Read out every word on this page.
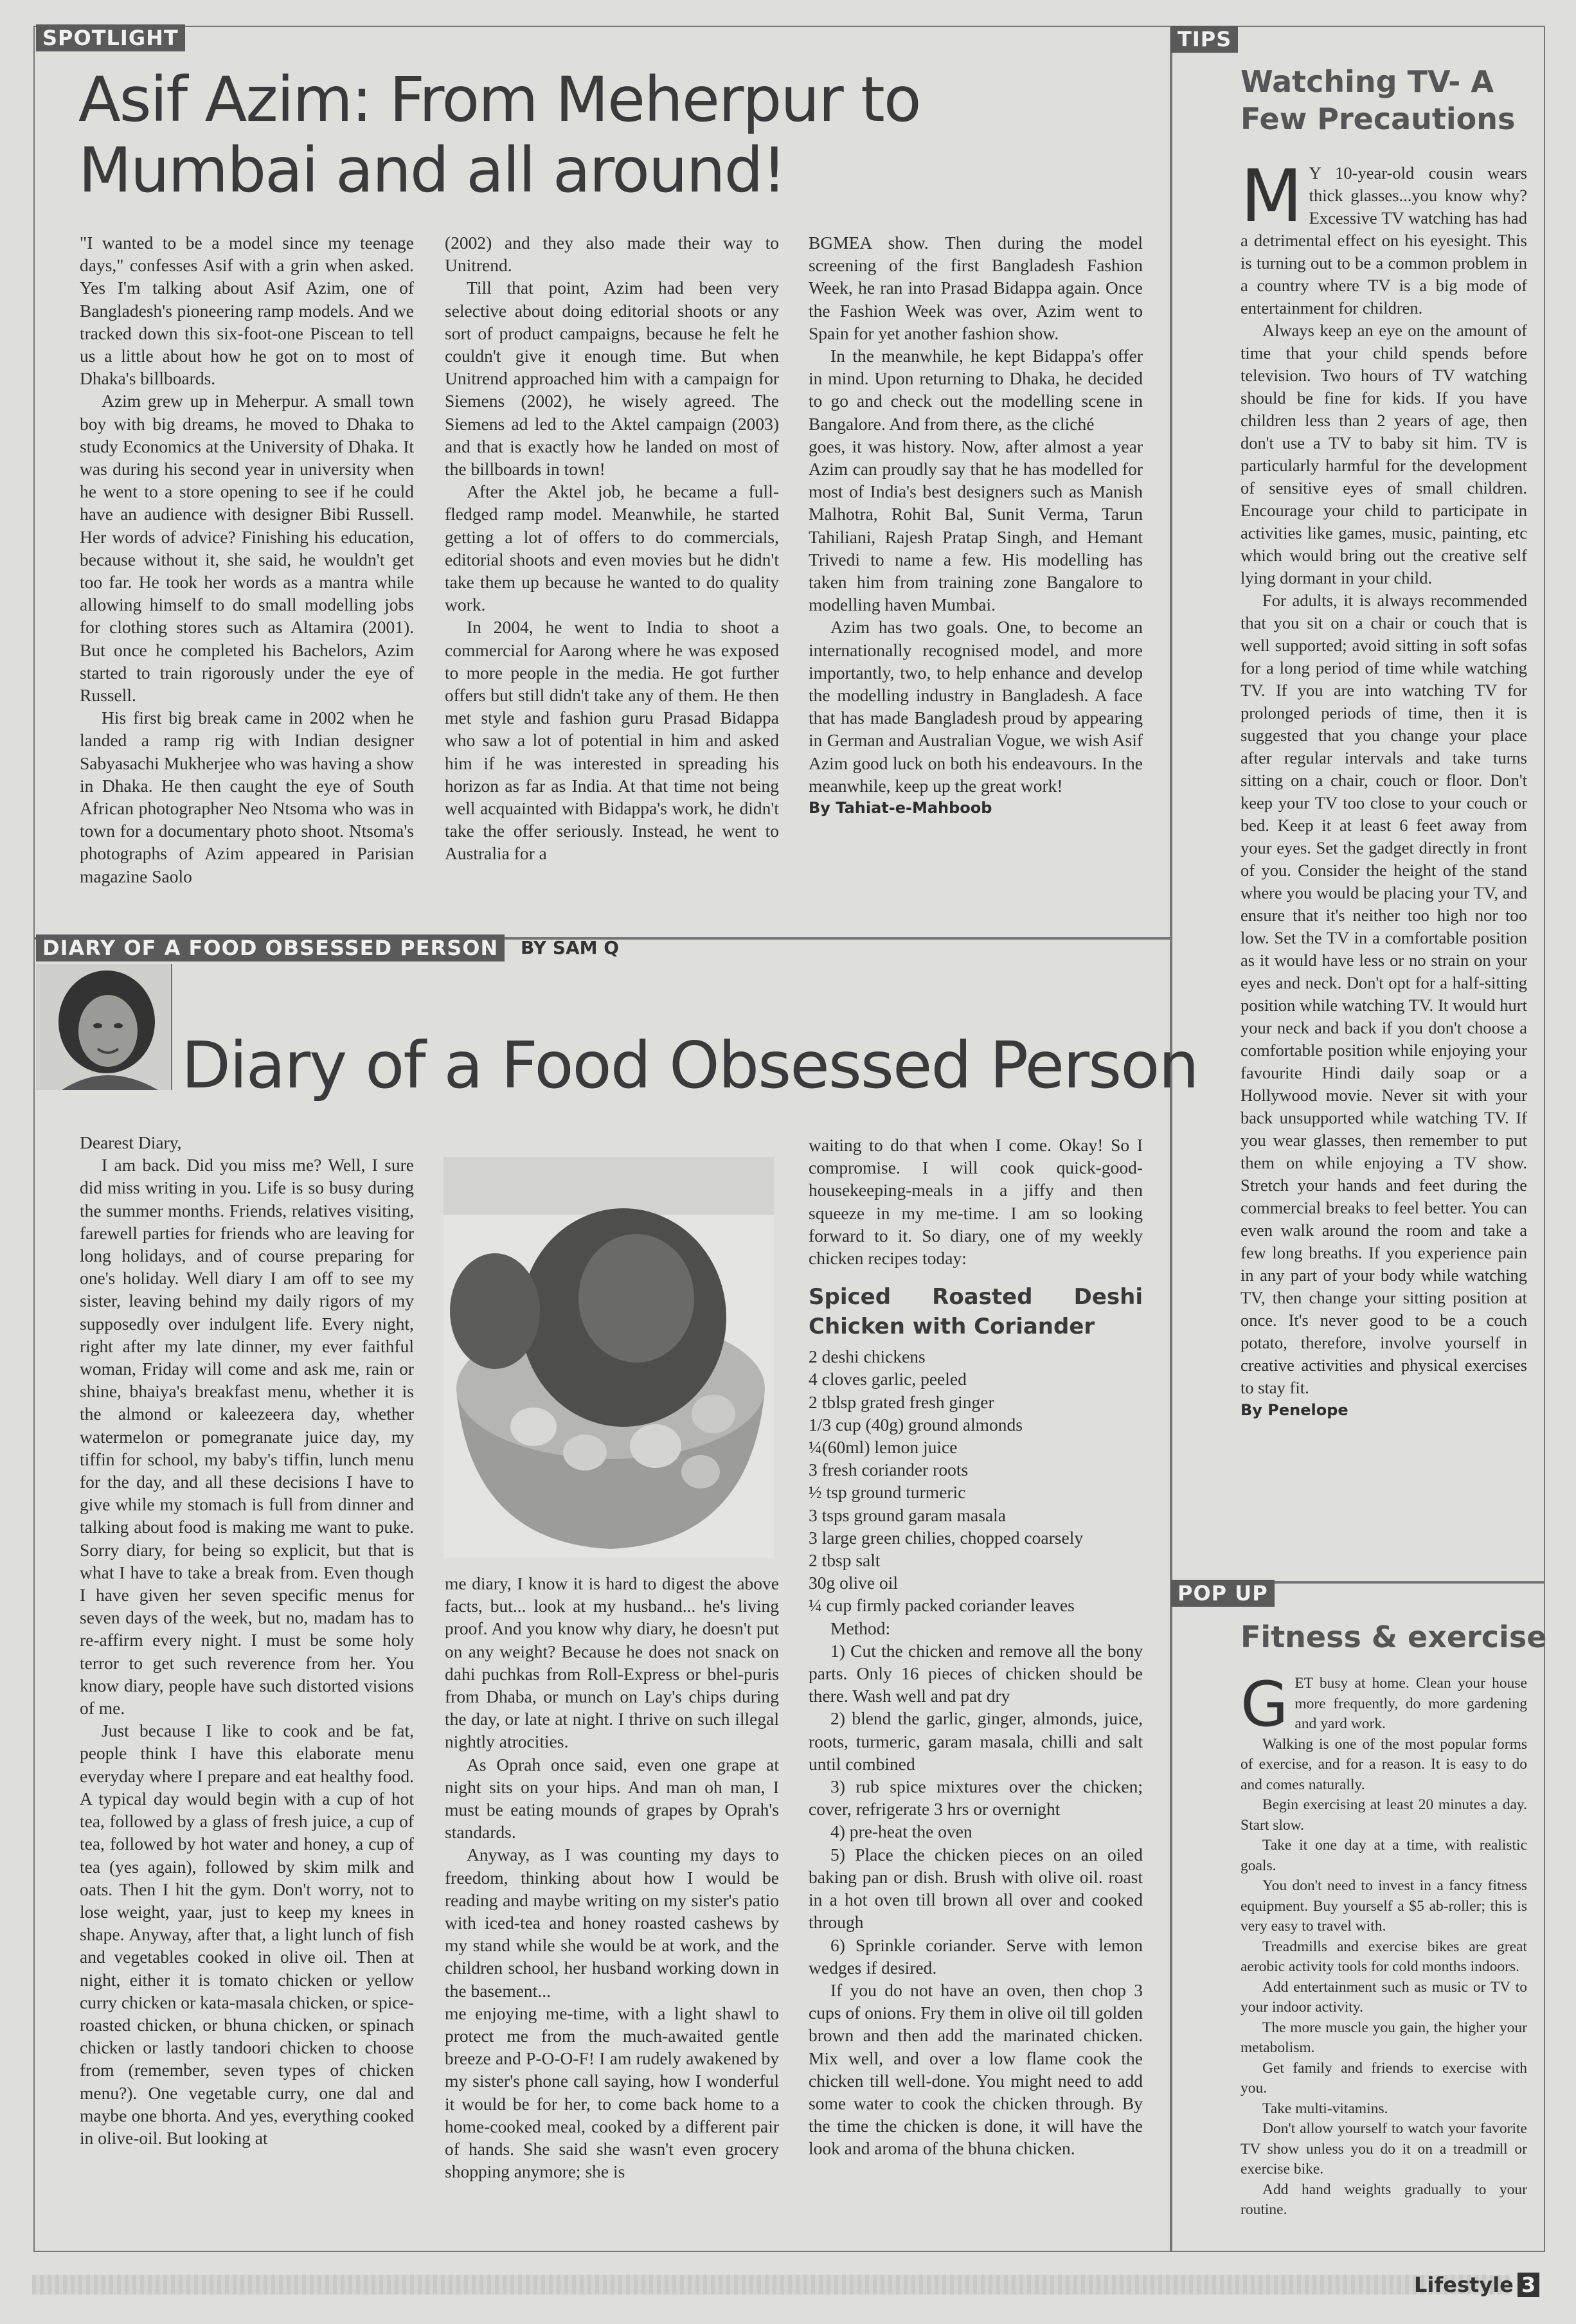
SPOTLIGHT
Asif Azim: From Meherpur to
Mumbai and all around!

"I wanted to be a model since my teenage days," confesses Asif with a grin when asked. Yes I'm talking about Asif Azim, one of Bangladesh's pioneering ramp models. And we tracked down this six-foot-one Piscean to tell us a little about how he got on to most of Dhaka's billboards.

Azim grew up in Meherpur. A small town boy with big dreams, he moved to Dhaka to study Economics at the University of Dhaka. It was during his second year in university when he went to a store opening to see if he could have an audience with designer Bibi Russell. Her words of advice? Finishing his education, because without it, she said, he wouldn't get too far. He took her words as a mantra while allowing himself to do small modelling jobs for clothing stores such as Altamira (2001). But once he completed his Bachelors, Azim started to train rigorously under the eye of Russell.

His first big break came in 2002 when he landed a ramp rig with Indian designer Sabyasachi Mukherjee who was having a show in Dhaka. He then caught the eye of South African photographer Neo Ntsoma who was in town for a documentary photo shoot. Ntsoma's photographs of Azim appeared in Parisian magazine Saolo

(2002) and they also made their way to Unitrend.

Till that point, Azim had been very selective about doing editorial shoots or any sort of product campaigns, because he felt he couldn't give it enough time. But when Unitrend approached him with a campaign for Siemens (2002), he wisely agreed. The Siemens ad led to the Aktel campaign (2003) and that is exactly how he landed on most of the billboards in town!

After the Aktel job, he became a full-fledged ramp model. Meanwhile, he started getting a lot of offers to do commercials, editorial shoots and even movies but he didn't take them up because he wanted to do quality work.

In 2004, he went to India to shoot a commercial for Aarong where he was exposed to more people in the media. He got further offers but still didn't take any of them. He then met style and fashion guru Prasad Bidappa who saw a lot of potential in him and asked him if he was interested in spreading his horizon as far as India. At that time not being well acquainted with Bidappa's work, he didn't take the offer seriously. Instead, he went to Australia for a

BGMEA show. Then during the model screening of the first Bangladesh Fashion Week, he ran into Prasad Bidappa again. Once the Fashion Week was over, Azim went to Spain for yet another fashion show.

In the meanwhile, he kept Bidappa's offer in mind. Upon returning to Dhaka, he decided to go and check out the modelling scene in Bangalore. And from there, as the cliché

goes, it was history. Now, after almost a year Azim can proudly say that he has modelled for most of India's best designers such as Manish Malhotra, Rohit Bal, Sunit Verma, Tarun Tahiliani, Rajesh Pratap Singh, and Hemant Trivedi to name a few. His modelling has taken him from training zone Bangalore to modelling haven Mumbai.

Azim has two goals. One, to become an internationally recognised model, and more importantly, two, to help enhance and develop the modelling industry in Bangladesh. A face that has made Bangladesh proud by appearing in German and Australian Vogue, we wish Asif Azim good luck on both his endeavours. In the meanwhile, keep up the great work!

By Tahiat-e-Mahboob

DIARY OF A FOOD OBSESSED PERSON	BY SAM Q
Diary of a Food Obsessed Person

Dearest Diary,

I am back. Did you miss me? Well, I sure did miss writing in you. Life is so busy during the summer months. Friends, relatives visiting, farewell parties for friends who are leaving for long holidays, and of course preparing for one's holiday. Well diary I am off to see my sister, leaving behind my daily rigors of my supposedly over indulgent life. Every night, right after my late dinner, my ever faithful woman, Friday will come and ask me, rain or shine, bhaiya's breakfast menu, whether it is the almond or kaleezeera day, whether watermelon or pomegranate juice day, my tiffin for school, my baby's tiffin, lunch menu for the day, and all these decisions I have to give while my stomach is full from dinner and talking about food is making me want to puke. Sorry diary, for being so explicit, but that is what I have to take a break from. Even though I have given her seven specific menus for seven days of the week, but no, madam has to re-affirm every night. I must be some holy terror to get such reverence from her. You know diary, people have such distorted visions of me.

Just because I like to cook and be fat, people think I have this elaborate menu everyday where I prepare and eat healthy food. A typical day would begin with a cup of hot tea, followed by a glass of fresh juice, a cup of tea, followed by hot water and honey, a cup of tea (yes again), followed by skim milk and oats. Then I hit the gym. Don't worry, not to lose weight, yaar, just to keep my knees in shape. Anyway, after that, a light lunch of fish and vegetables cooked in olive oil. Then at night, either it is tomato chicken or yellow curry chicken or kata-masala chicken, or spice-roasted chicken, or bhuna chicken, or spinach chicken or lastly tandoori chicken to choose from (remember, seven types of chicken menu?). One vegetable curry, one dal and maybe one bhorta. And yes, everything cooked in olive-oil. But looking at

me diary, I know it is hard to digest the above facts, but... look at my husband... he's living proof. And you know why diary, he doesn't put on any weight? Because he does not snack on dahi puchkas from Roll-Express or bhel-puris from Dhaba, or munch on Lay's chips during the day, or late at night. I thrive on such illegal nightly atrocities.

As Oprah once said, even one grape at night sits on your hips. And man oh man, I must be eating mounds of grapes by Oprah's standards.

Anyway, as I was counting my days to freedom, thinking about how I would be reading and maybe writing on my sister's patio with iced-tea and honey roasted cashews by my stand while she would be at work, and the children school, her husband working down in the basement...

me enjoying me-time, with a light shawl to protect me from the much-awaited gentle breeze and P-O-O-F! I am rudely awakened by my sister's phone call saying, how I wonderful it would be for her, to come back home to a home-cooked meal, cooked by a different pair of hands. She said she wasn't even grocery shopping anymore; she is

waiting to do that when I come. Okay! So I compromise. I will cook quick-good-housekeeping-meals in a jiffy and then squeeze in my me-time. I am so looking forward to it. So diary, one of my weekly chicken recipes today:

Spiced Roasted Deshi Chicken with Coriander

2 deshi chickens

4 cloves garlic, peeled

2 tblsp grated fresh ginger

1/3 cup (40g) ground almonds

¼(60ml) lemon juice

3 fresh coriander roots

½ tsp ground turmeric

3 tsps ground garam masala

3 large green chilies, chopped coarsely

2 tbsp salt

30g olive oil

¼ cup firmly packed coriander leaves

Method:

1) Cut the chicken and remove all the bony parts. Only 16 pieces of chicken should be there. Wash well and pat dry

2) blend the garlic, ginger, almonds, juice, roots, turmeric, garam masala, chilli and salt until combined

3) rub spice mixtures over the chicken; cover, refrigerate 3 hrs or overnight

4) pre-heat the oven

5) Place the chicken pieces on an oiled baking pan or dish. Brush with olive oil. roast in a hot oven till brown all over and cooked through

6) Sprinkle coriander. Serve with lemon wedges if desired.

If you do not have an oven, then chop 3 cups of onions. Fry them in olive oil till golden brown and then add the marinated chicken. Mix well, and over a low flame cook the chicken till well-done. You might need to add some water to cook the chicken through. By the time the chicken is done, it will have the look and aroma of the bhuna chicken.

TIPS
Watching TV- A Few Precautions
M Y 10-year-old cousin wears thick glasses...you know why? Excessive TV watching has had a detrimental effect on his eyesight. This is turning out to be a common problem in a country where TV is a big mode of entertainment for children.

Always keep an eye on the amount of time that your child spends before television. Two hours of TV watching should be fine for kids. If you have children less than 2 years of age, then don't use a TV to baby sit him. TV is particularly harmful for the development of sensitive eyes of small children. Encourage your child to participate in activities like games, music, painting, etc which would bring out the creative self lying dormant in your child.

For adults, it is always recommended that you sit on a chair or couch that is well supported; avoid sitting in soft sofas for a long period of time while watching TV. If you are into watching TV for prolonged periods of time, then it is suggested that you change your place after regular intervals and take turns sitting on a chair, couch or floor. Don't keep your TV too close to your couch or bed. Keep it at least 6 feet away from your eyes. Set the gadget directly in front of you. Consider the height of the stand where you would be placing your TV, and ensure that it's neither too high nor too low. Set the TV in a comfortable position as it would have less or no strain on your eyes and neck. Don't opt for a half-sitting position while watching TV. It would hurt your neck and back if you don't choose a comfortable position while enjoying your favourite Hindi daily soap or a Hollywood movie. Never sit with your back unsupported while watching TV. If you wear glasses, then remember to put them on while enjoying a TV show. Stretch your hands and feet during the commercial breaks to feel better. You can even walk around the room and take a few long breaths. If you experience pain in any part of your body while watching TV, then change your sitting position at once. It's never good to be a couch potato, therefore, involve yourself in creative activities and physical exercises to stay fit.

By Penelope

POP UP
Fitness & exercise
G ET busy at home. Clean your house more frequently, do more gardening and yard work.

Walking is one of the most popular forms of exercise, and for a reason. It is easy to do and comes naturally.

Begin exercising at least 20 minutes a day. Start slow.

Take it one day at a time, with realistic goals.

You don't need to invest in a fancy fitness equipment. Buy yourself a $5 ab-roller; this is very easy to travel with.

Treadmills and exercise bikes are great aerobic activity tools for cold months indoors.

Add entertainment such as music or TV to your indoor activity.

The more muscle you gain, the higher your metabolism.

Get family and friends to exercise with you.

Take multi-vitamins.

Don't allow yourself to watch your favorite TV show unless you do it on a treadmill or exercise bike.

Add hand weights gradually to your routine.

Lifestyle 3
